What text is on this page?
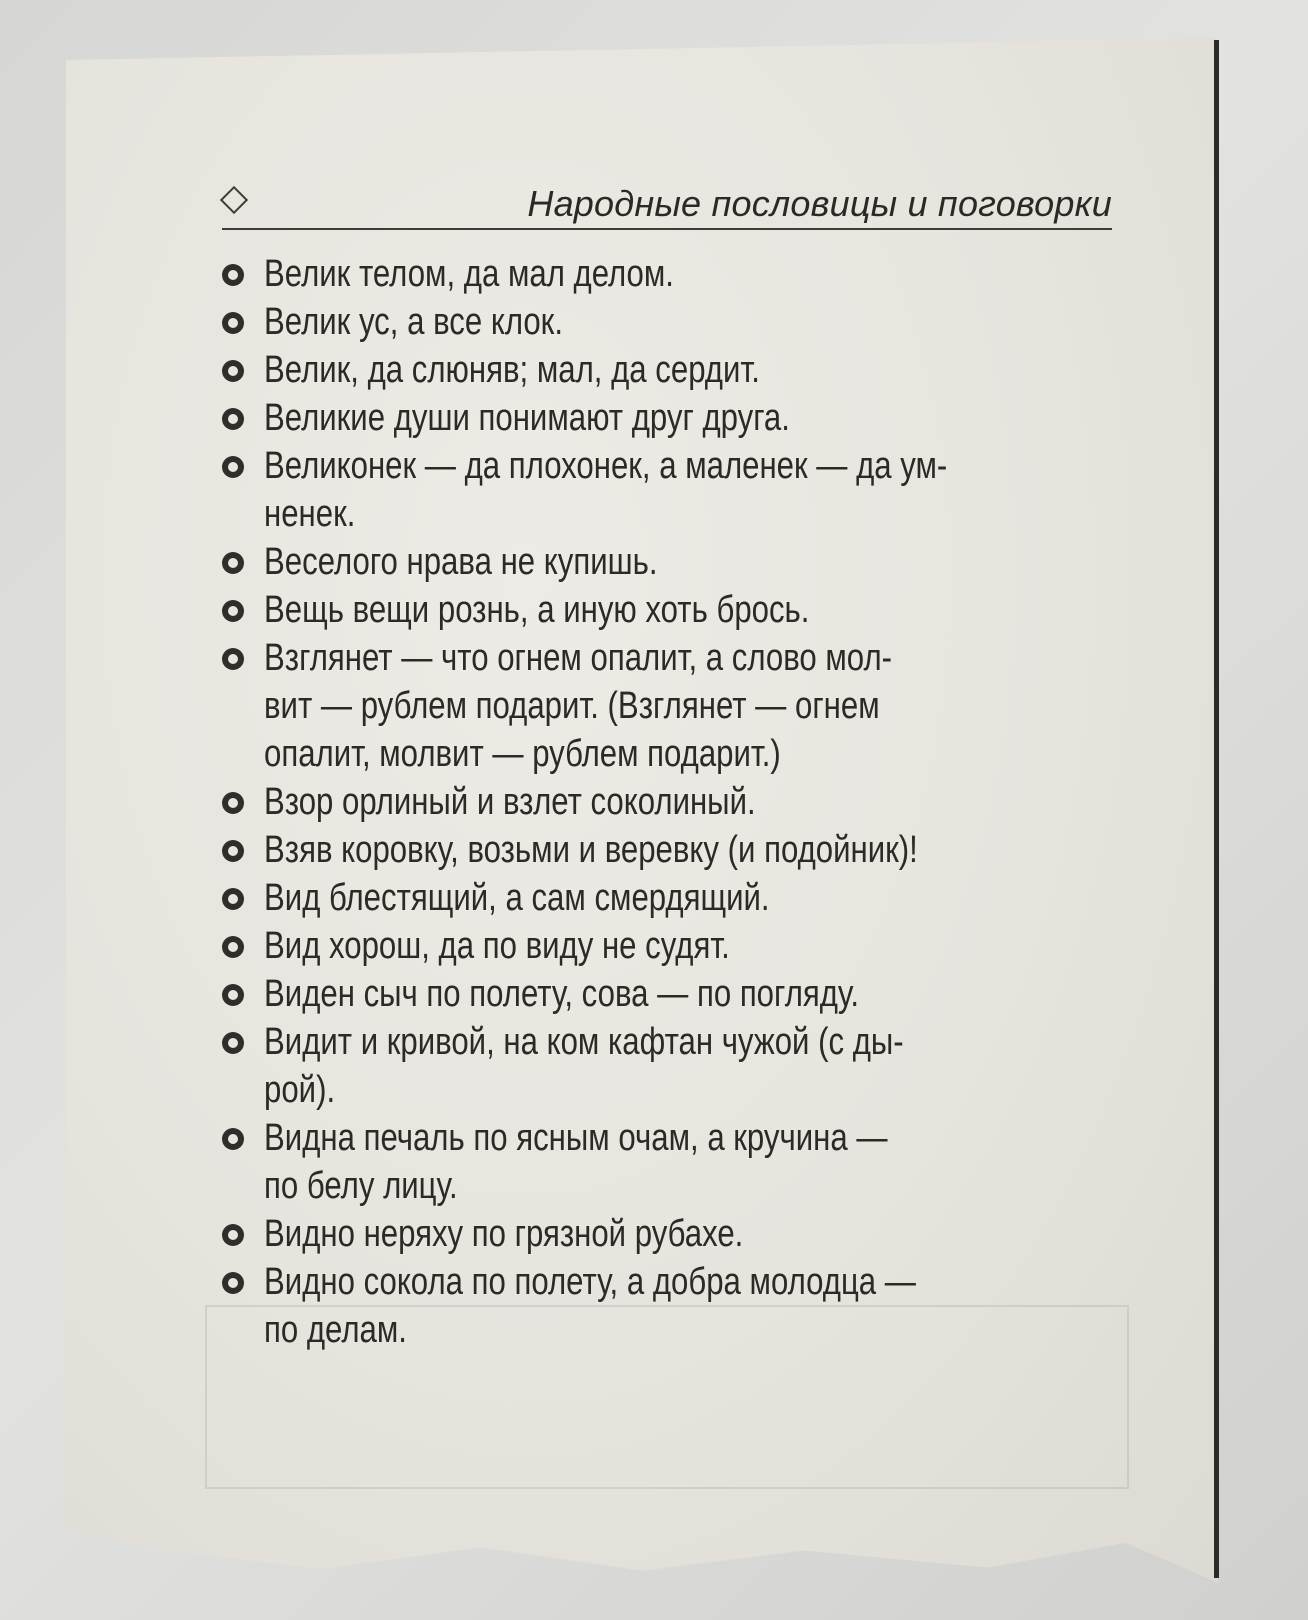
Народные пословицы и поговорки
Велик телом, да мал делом.
Велик ус, а все клок.
Велик, да слюняв; мал, да сердит.
Великие души понимают друг друга.
Великонек — да плохонек, а маленек — да ум-
ненек.
Веселого нрава не купишь.
Вещь вещи рознь, а иную хоть брось.
Взглянет — что огнем опалит, а слово мол-
вит — рублем подарит. (Взглянет — огнем
опалит, молвит — рублем подарит.)
Взор орлиный и взлет соколиный.
Взяв коровку, возьми и веревку (и подойник)!
Вид блестящий, а сам смердящий.
Вид хорош, да по виду не судят.
Виден сыч по полету, сова — по погляду.
Видит и кривой, на ком кафтан чужой (с ды-
рой).
Видна печаль по ясным очам, а кручина —
по белу лицу.
Видно неряху по грязной рубахе.
Видно сокола по полету, а добра молодца —
по делам.
